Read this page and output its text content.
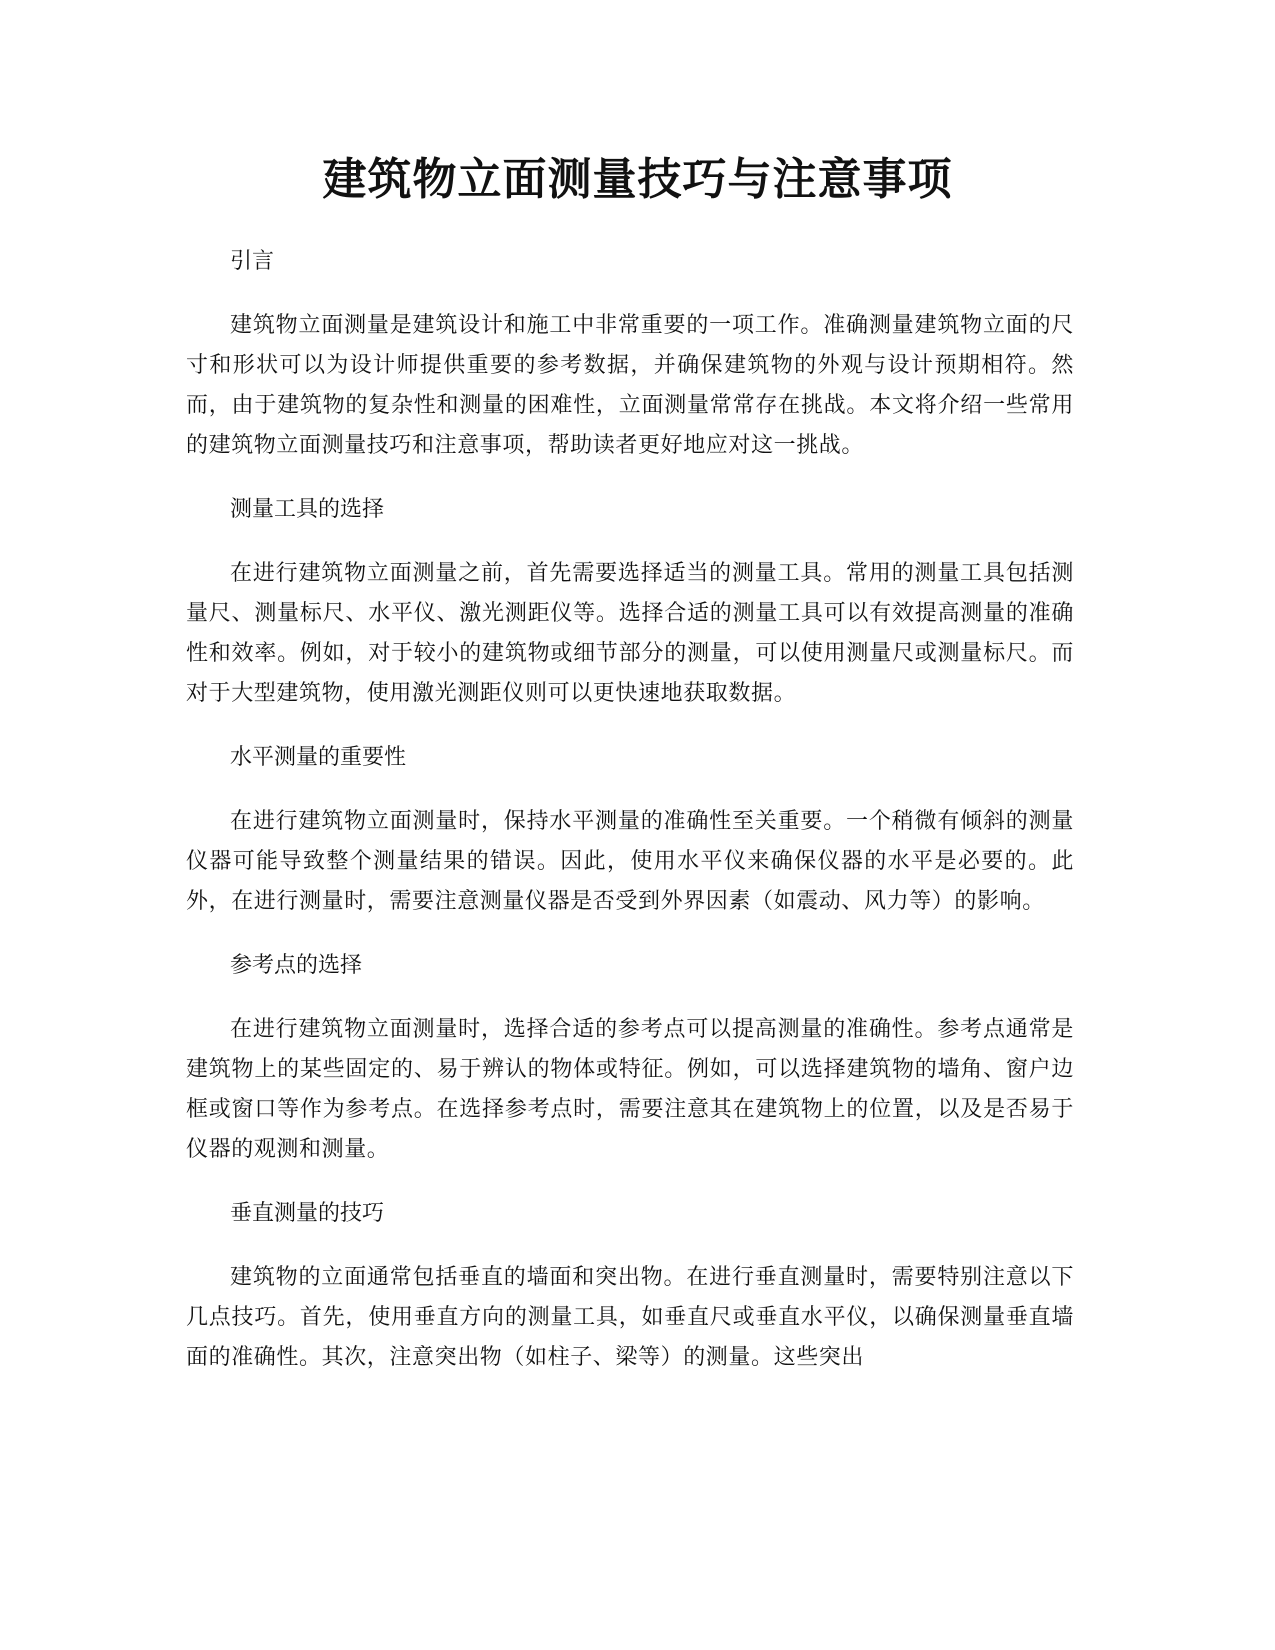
建筑物立面测量技巧与注意事项

引言

建筑物立面测量是建筑设计和施工中非常重要的一项工作。准确测量建筑物立面的尺寸和形状可以为设计师提供重要的参考数据，并确保建筑物的外观与设计预期相符。然而，由于建筑物的复杂性和测量的困难性，立面测量常常存在挑战。本文将介绍一些常用的建筑物立面测量技巧和注意事项，帮助读者更好地应对这一挑战。

测量工具的选择

在进行建筑物立面测量之前，首先需要选择适当的测量工具。常用的测量工具包括测量尺、测量标尺、水平仪、激光测距仪等。选择合适的测量工具可以有效提高测量的准确性和效率。例如，对于较小的建筑物或细节部分的测量，可以使用测量尺或测量标尺。而对于大型建筑物，使用激光测距仪则可以更快速地获取数据。

水平测量的重要性

在进行建筑物立面测量时，保持水平测量的准确性至关重要。一个稍微有倾斜的测量仪器可能导致整个测量结果的错误。因此，使用水平仪来确保仪器的水平是必要的。此外，在进行测量时，需要注意测量仪器是否受到外界因素（如震动、风力等）的影响。

参考点的选择

在进行建筑物立面测量时，选择合适的参考点可以提高测量的准确性。参考点通常是建筑物上的某些固定的、易于辨认的物体或特征。例如，可以选择建筑物的墙角、窗户边框或窗口等作为参考点。在选择参考点时，需要注意其在建筑物上的位置，以及是否易于仪器的观测和测量。

垂直测量的技巧

建筑物的立面通常包括垂直的墙面和突出物。在进行垂直测量时，需要特别注意以下几点技巧。首先，使用垂直方向的测量工具，如垂直尺或垂直水平仪，以确保测量垂直墙面的准确性。其次，注意突出物（如柱子、梁等）的测量。这些突出
